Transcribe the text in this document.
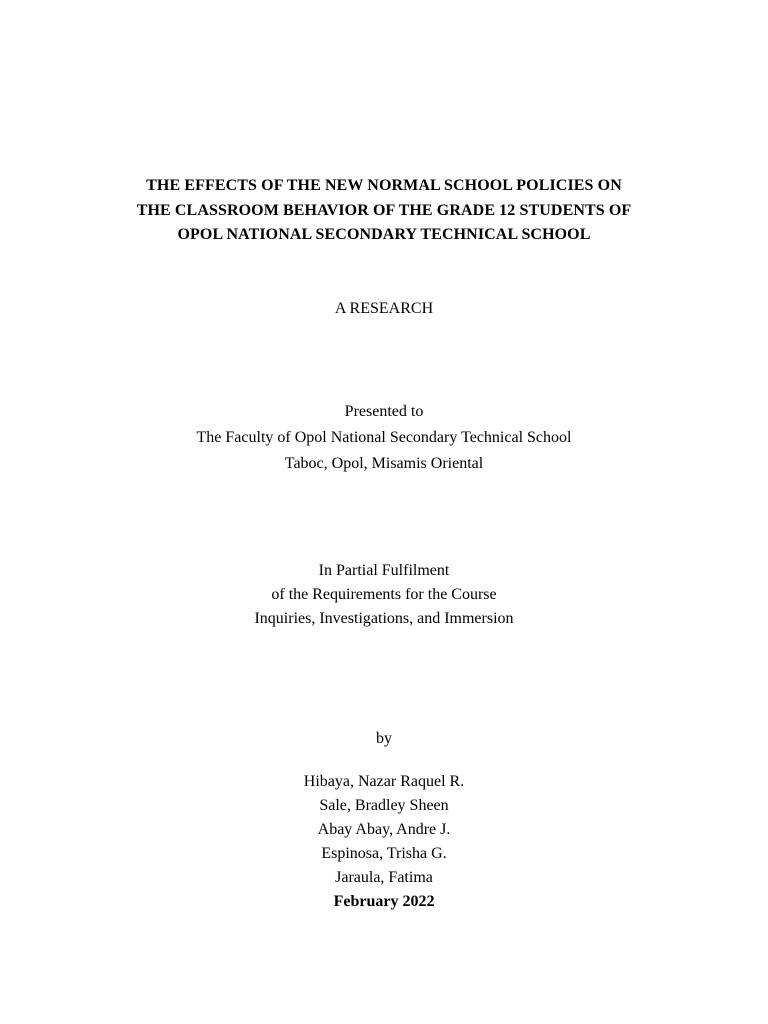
THE EFFECTS OF THE NEW NORMAL SCHOOL POLICIES ON
THE CLASSROOM BEHAVIOR OF THE GRADE 12 STUDENTS OF
OPOL NATIONAL SECONDARY TECHNICAL SCHOOL
A RESEARCH
Presented to
The Faculty of Opol National Secondary Technical School
Taboc, Opol, Misamis Oriental
In Partial Fulfilment
of the Requirements for the Course
Inquiries, Investigations, and Immersion
by
Hibaya, Nazar Raquel R.
Sale, Bradley Sheen
Abay Abay, Andre J.
Espinosa, Trisha G.
Jaraula, Fatima
February 2022
